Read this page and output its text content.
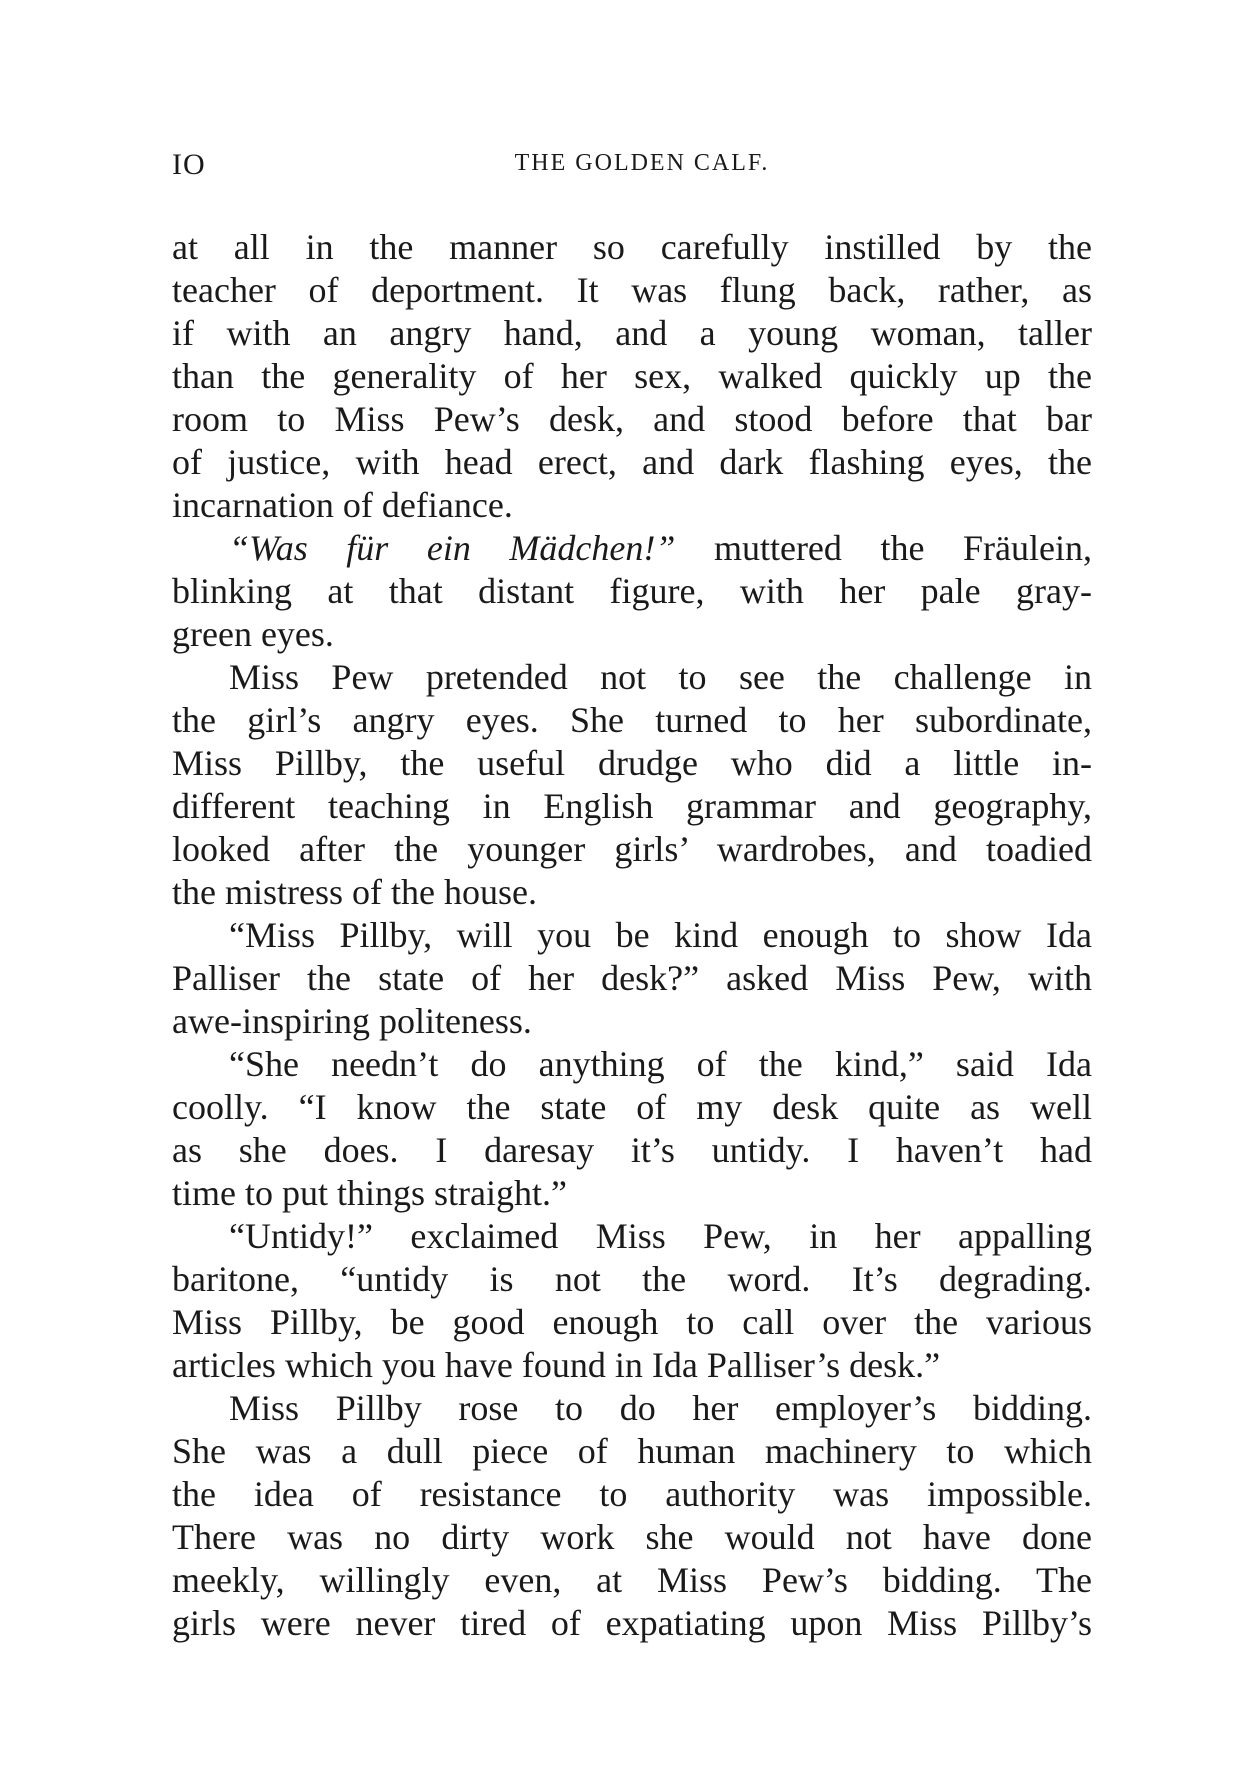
IO	THE GOLDEN CALF.
at all in the manner so carefully instilled by the
teacher of deportment. It was flung back, rather, as
if with an angry hand, and a young woman, taller
than the generality of her sex, walked quickly up the
room to Miss Pew’s desk, and stood before that bar
of justice, with head erect, and dark flashing eyes, the
incarnation of defiance.
“Was für ein Mädchen!” muttered the Fräulein,
blinking at that distant figure, with her pale gray-
green eyes.
Miss Pew pretended not to see the challenge in
the girl’s angry eyes. She turned to her subordinate,
Miss Pillby, the useful drudge who did a little in-
different teaching in English grammar and geography,
looked after the younger girls’ wardrobes, and toadied
the mistress of the house.
“Miss Pillby, will you be kind enough to show Ida
Palliser the state of her desk?” asked Miss Pew, with
awe-inspiring politeness.
“She needn’t do anything of the kind,” said Ida
coolly. “I know the state of my desk quite as well
as she does. I daresay it’s untidy. I haven’t had
time to put things straight.”
“Untidy!” exclaimed Miss Pew, in her appalling
baritone, “untidy is not the word. It’s degrading.
Miss Pillby, be good enough to call over the various
articles which you have found in Ida Palliser’s desk.”
Miss Pillby rose to do her employer’s bidding.
She was a dull piece of human machinery to which
the idea of resistance to authority was impossible.
There was no dirty work she would not have done
meekly, willingly even, at Miss Pew’s bidding. The
girls were never tired of expatiating upon Miss Pillby’s
